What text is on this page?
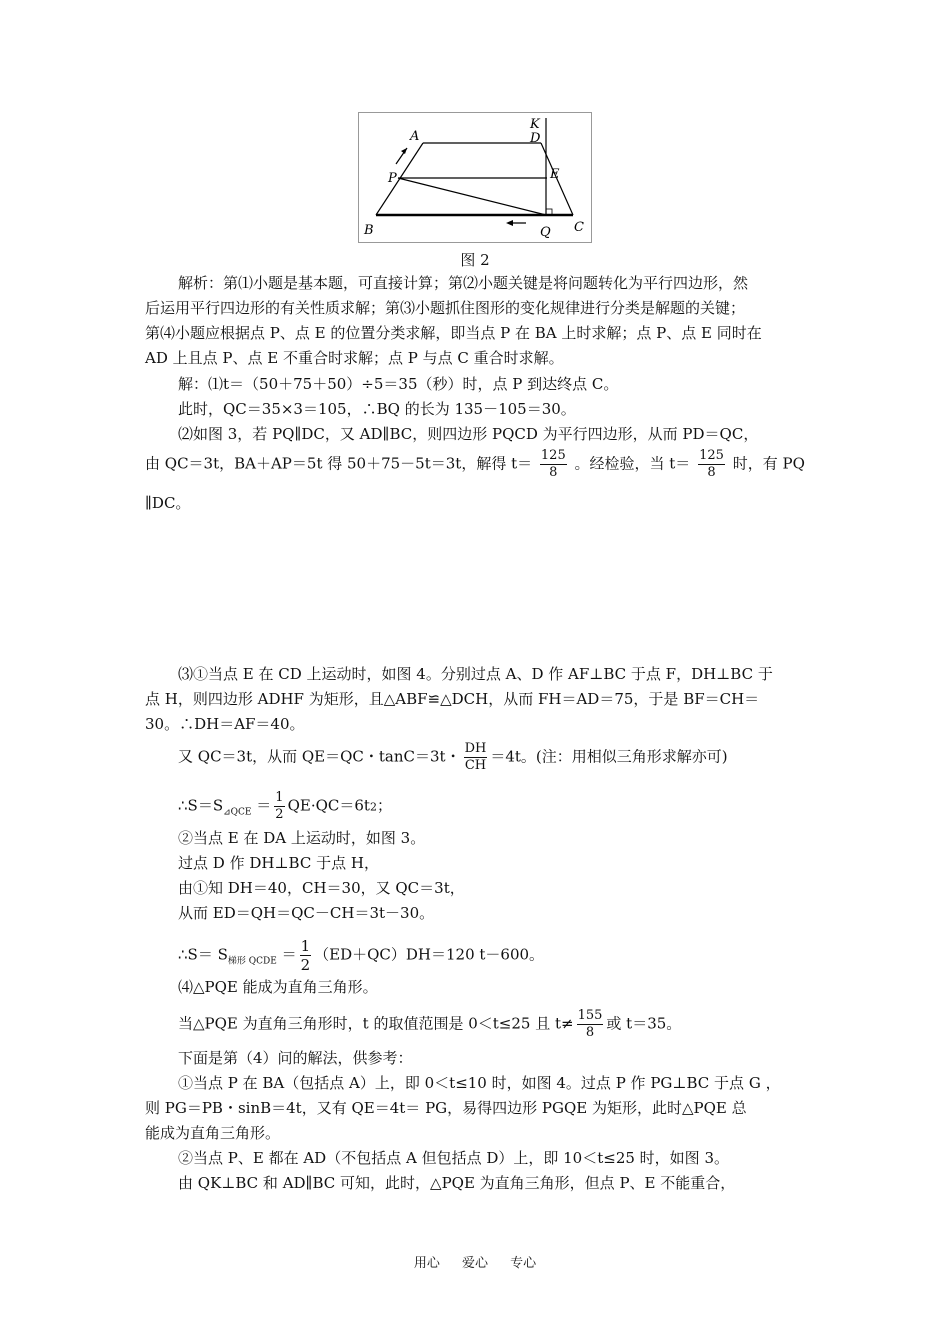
A
K
D
P	E
B	Q C
图 2
解析：第⑴小题是基本题，可直接计算；第⑵小题关键是将问题转化为平行四边形，然
后运用平行四边形的有关性质求解；第⑶小题抓住图形的变化规律进行分类是解题的关键；
第⑷小题应根据点 P、点 E 的位置分类求解，即当点 P 在 BA 上时求解；点 P、点 E 同时在
AD 上且点 P、点 E 不重合时求解；点 P 与点 C 重合时求解。
解：⑴t＝（50＋75＋50）÷5＝35（秒）时，点 P 到达终点 C。
此时，QC＝35×3＝105，∴BQ 的长为 135－105＝30。
⑵如图 3，若 PQ∥DC，又 AD∥BC，则四边形 PQCD 为平行四边形，从而 PD＝QC，
由 QC＝3t，BA＋AP＝5t 得 50＋75－5t＝3t，解得 $t= \frac{125}{8}$ 。经检验，当 $t= \frac{125}{8}$ 时，有 PQ
∥DC。
⑶①当点 E 在 CD 上运动时，如图 4。分别过点 A、D 作 AF⊥BC 于点 F，DH⊥BC 于
点 H，则四边形 ADHF 为矩形，且△ABF≌△DCH，从而 FH＝AD＝75，于是 BF＝CH＝
30。∴DH＝AF＝40。
又 QC＝3t，从而 QE＝QC・tanC＝3t・ $\frac{DH}{CH} =4t$。(注：用相似三角形求解亦可)
$\therefore S=S_{⊿QCE} = \frac{1}{2} QE\cdot QC=6t2$；
②当点 E 在 DA 上运动时，如图 3。
过点 D 作 DH⊥BC 于点 H，
由①知 DH＝40，CH＝30，又 QC＝3t，
从而 ED＝QH＝QC－CH＝3t－30。
∴S＝ $S_{梯形 QCDE} = \frac{1}{2} (ED+QC)DH=120$ t－600。
⑷△PQE 能成为直角三角形。
当△PQE 为直角三角形时，t 的取值范围是 0＜t≤25 且 $t\ne \frac{155}{8}$ 或 t＝35。
下面是第（4）问的解法，供参考：
①当点 P 在 BA（包括点 A）上，即 0＜t≤10 时，如图 4。过点 P 作 PG⊥BC 于点 G ，
则 PG＝PB・sinB＝4t，又有 QE＝4t＝ PG，易得四边形 PGQE 为矩形，此时△PQE 总
能成为直角三角形。
②当点 P、E 都在 AD（不包括点 A 但包括点 D）上，即 10＜t≤25 时，如图 3。
由 QK⊥BC 和 AD∥BC 可知，此时，△PQE 为直角三角形，但点 P、E 不能重合，
用心 爱心 专心
